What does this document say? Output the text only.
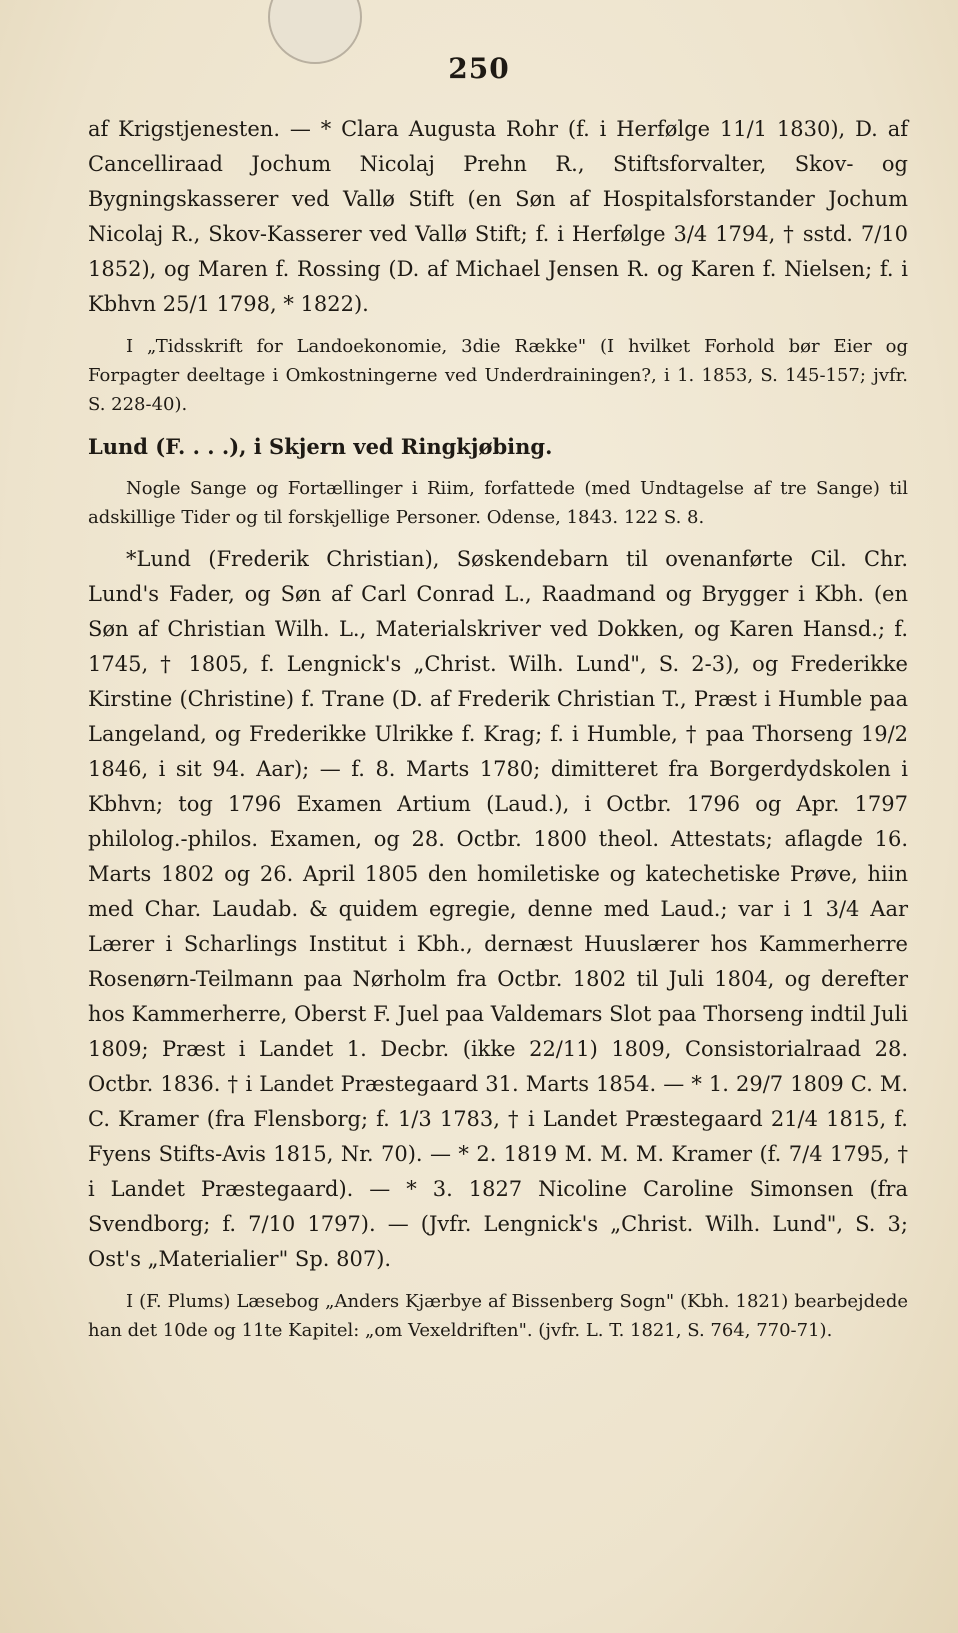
250

af Krigstjenesten. — * Clara Augusta Rohr (f. i Herfølge 11/1 1830), D. af Cancelliraad Jochum Nicolaj Prehn R., Stiftsforvalter, Skov- og Bygningskasserer ved Vallø Stift (en Søn af Hospitalsforstander Jochum Nicolaj R., Skov-Kasserer ved Vallø Stift; f. i Herfølge 3/4 1794, † sstd. 7/10 1852), og Maren f. Rossing (D. af Michael Jensen R. og Karen f. Nielsen; f. i Kbhvn 25/1 1798, * 1822).

I „Tidsskrift for Landoekonomie, 3die Række" (I hvilket Forhold bør Eier og Forpagter deeltage i Omkostningerne ved Underdrainingen?, i 1. 1853, S. 145-157; jvfr. S. 228-40).

Lund (F. . . .), i Skjern ved Ringkjøbing.

Nogle Sange og Fortællinger i Riim, forfattede (med Undtagelse af tre Sange) til adskillige Tider og til forskjellige Personer. Odense, 1843. 122 S. 8.

*Lund (Frederik Christian), Søskendebarn til ovenanførte Cil. Chr. Lund's Fader, og Søn af Carl Conrad L., Raadmand og Brygger i Kbh. (en Søn af Christian Wilh. L., Materialskriver ved Dokken, og Karen Hansd.; f. 1745, † 1805, f. Lengnick's „Christ. Wilh. Lund", S. 2-3), og Frederikke Kirstine (Christine) f. Trane (D. af Frederik Christian T., Præst i Humble paa Langeland, og Frederikke Ulrikke f. Krag; f. i Humble, † paa Thorseng 19/2 1846, i sit 94. Aar); — f. 8. Marts 1780; dimitteret fra Borgerdydskolen i Kbhvn; tog 1796 Examen Artium (Laud.), i Octbr. 1796 og Apr. 1797 philolog.-philos. Examen, og 28. Octbr. 1800 theol. Attestats; aflagde 16. Marts 1802 og 26. April 1805 den homiletiske og katechetiske Prøve, hiin med Char. Laudab. & quidem egregie, denne med Laud.; var i 1 3/4 Aar Lærer i Scharlings Institut i Kbh., dernæst Huuslærer hos Kammerherre Rosenørn-Teilmann paa Nørholm fra Octbr. 1802 til Juli 1804, og derefter hos Kammerherre, Oberst F. Juel paa Valdemars Slot paa Thorseng indtil Juli 1809; Præst i Landet 1. Decbr. (ikke 22/11) 1809, Consistorialraad 28. Octbr. 1836. † i Landet Præstegaard 31. Marts 1854. — * 1. 29/7 1809 C. M. C. Kramer (fra Flensborg; f. 1/3 1783, † i Landet Præstegaard 21/4 1815, f. Fyens Stifts-Avis 1815, Nr. 70). — * 2. 1819 M. M. M. Kramer (f. 7/4 1795, † i Landet Præstegaard). — * 3. 1827 Nicoline Caroline Simonsen (fra Svendborg; f. 7/10 1797). — (Jvfr. Lengnick's „Christ. Wilh. Lund", S. 3; Ost's „Materialier" Sp. 807).

I (F. Plums) Læsebog „Anders Kjærbye af Bissenberg Sogn" (Kbh. 1821) bearbejdede han det 10de og 11te Kapitel: „om Vexeldriften". (jvfr. L. T. 1821, S. 764, 770-71).
